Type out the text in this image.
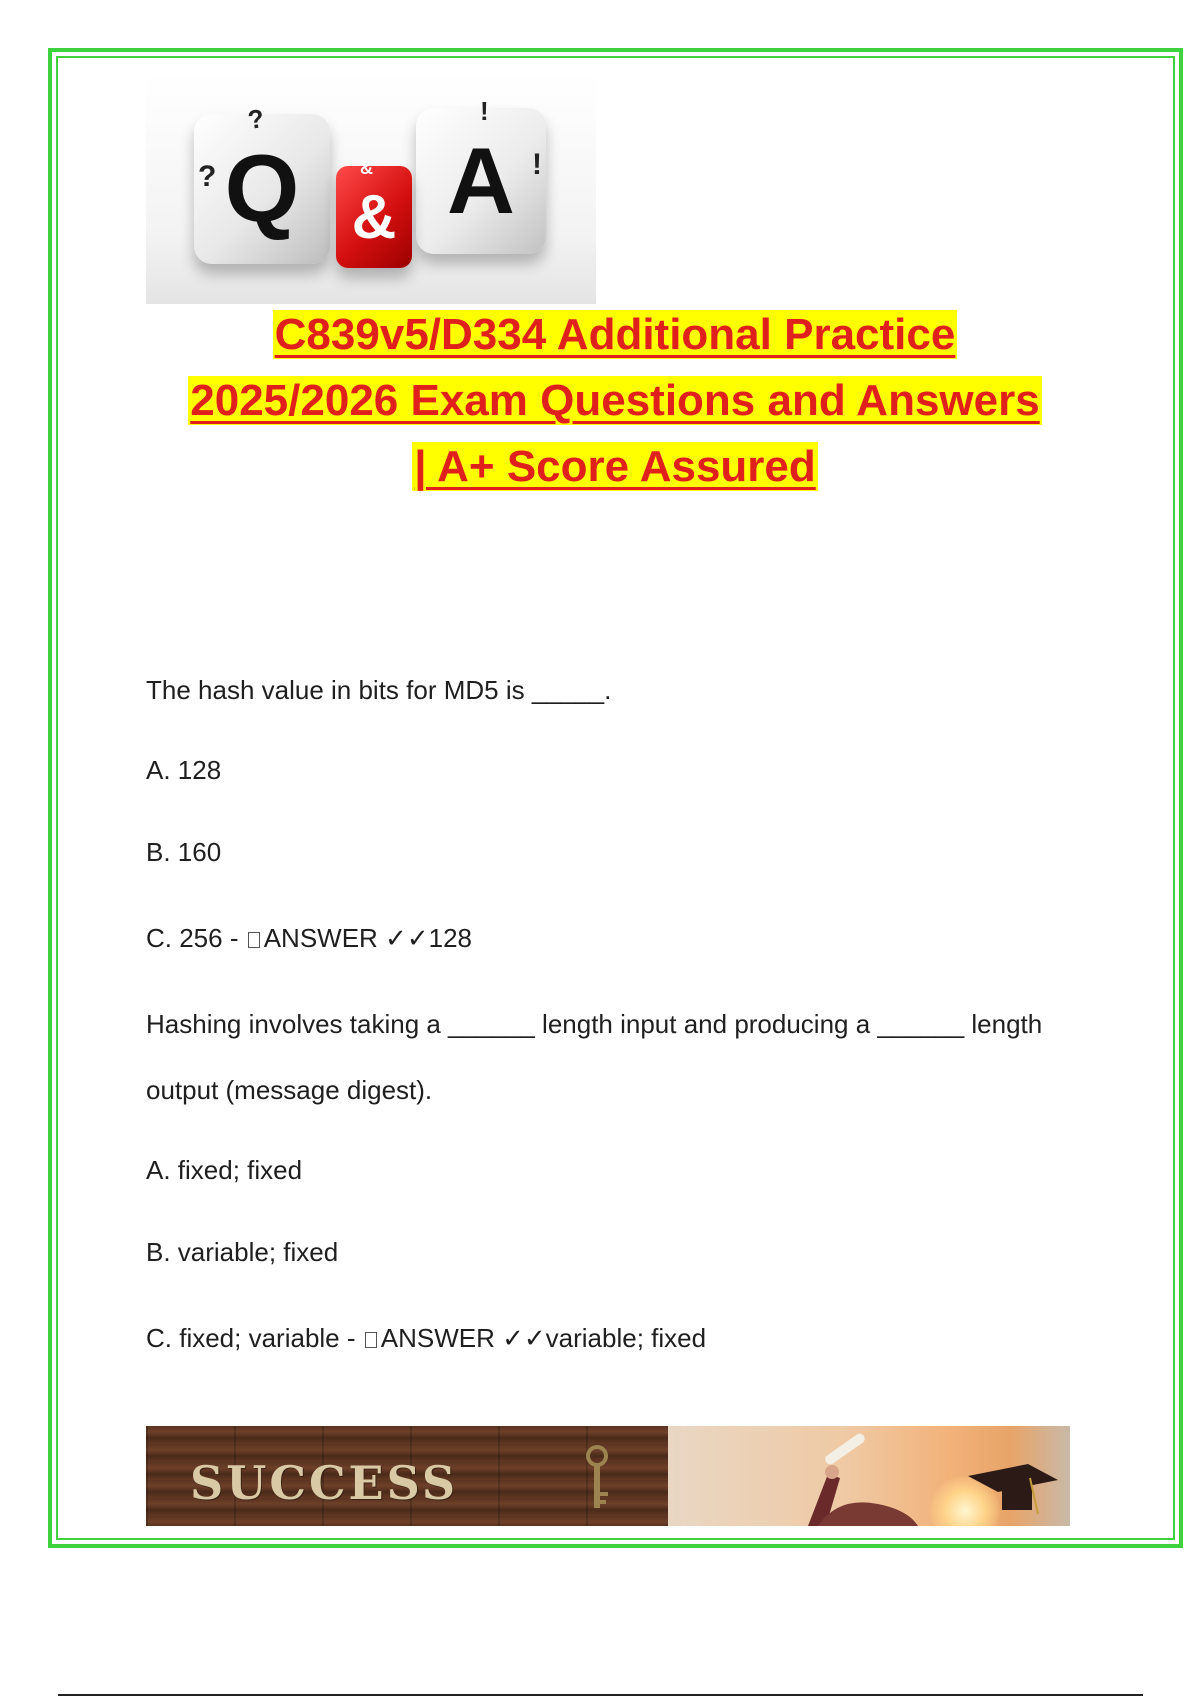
Q A
&
?
?
!
!
&
C839v5/D334 Additional Practice
2025/2026 Exam Questions and Answers
| A+ Score Assured

The hash value in bits for MD5 is _____.

A. 128

B. 160

C. 256 - ANSWER ✓✓128

Hashing involves taking a ______ length input and producing a ______ length

output (message digest).

A. fixed; fixed

B. variable; fixed

C. fixed; variable - ANSWER ✓✓variable; fixed

SUCCESS
